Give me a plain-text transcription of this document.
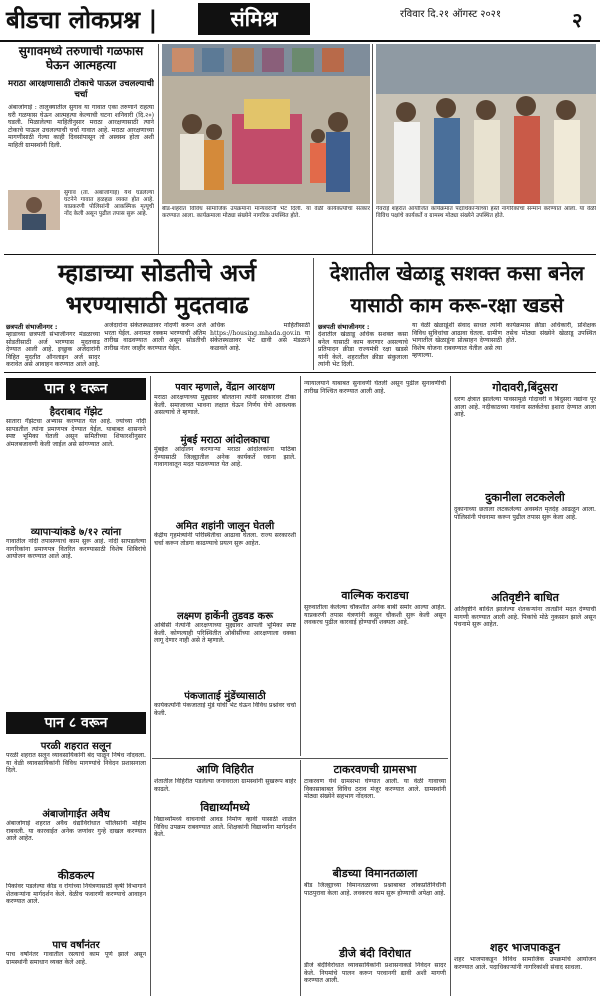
बीडचा लोकप्रश्न |	संमिश्र	रविवार दि.२१ ऑगस्ट २०२१	२
सुगावमध्ये तरुणाची गळफास घेऊन आत्महत्या
मराठा आरक्षणासाठी टोकाचे पाऊल उचलल्याची चर्चा
अंबाजोगाई : तालुक्यातील सुगाव या गावात एका तरुणाने राहत्या घरी गळफास घेऊन आत्महत्या केल्याची घटना शनिवारी (दि.२०) घडली. मिळालेल्या माहितीनुसार मराठा आरक्षणासाठी त्याने टोकाचे पाऊल उचलल्याची चर्चा गावात आहे. मराठा आरक्षणाच्या मागणीसाठी गेल्या काही दिवसांपासून तो अस्वस्थ होता अशी माहिती ग्रामस्थांनी दिली.
सुगाव (ता. अंबाजोगाई) येथे घडलेल्या घटनेने गावात हळहळ व्यक्त होत आहे. याप्रकरणी पोलिसांनी आकस्मिक मृत्यूची नोंद केली असून पुढील तपास सुरू आहे.
बीड-शहरात विविध सामाजिक उपक्रमांना मान्यवरांनी भेट दिली. या वेळी कार्यकर्त्यांचा सत्कार करण्यात आला. कार्यक्रमाला मोठ्या संख्येने नागरिक उपस्थित होते.
गेवराई शहरात आयोजित कार्यक्रमात पदाधिकाऱ्यांच्या हस्ते नागरिकांचा सन्मान करण्यात आला. या वेळी विविध पक्षांचे कार्यकर्ते व ग्रामस्थ मोठ्या संख्येने उपस्थित होते.
म्हाडाच्या सोडतीचे अर्ज
भरण्यासाठी मुदतवाढ
छत्रपती संभाजीनगर :
म्हाडाच्या छत्रपती संभाजीनगर मंडळाच्या सोडतीसाठी अर्ज भरण्यास मुदतवाढ देण्यात आली आहे. इच्छुक अर्जदारांनी विहित मुदतीत ऑनलाइन अर्ज सादर करावेत असे आवाहन करण्यात आले आहे.
अर्जदारांना संकेतस्थळावर नोंदणी करून अर्ज भरता येईल. अनामत रक्कम भरण्याची अंतिम तारीख वाढवण्यात आली असून सोडतीची तारीख नंतर जाहीर करण्यात येईल.
अधिक माहितीसाठी https://housing.mhada.gov.in या संकेतस्थळावर भेट द्यावी असे मंडळाने कळवले आहे.
देशातील खेळाडू सशक्त कसा बनेल
यासाठी काम करू-रक्षा खडसे
छत्रपती संभाजीनगर :
देशातील खेळाडू अधिक सशक्त कसा बनेल यासाठी काम करणार असल्याचे प्रतिपादन क्रीडा राज्यमंत्री रक्षा खडसे यांनी केले. शहरातील क्रीडा संकुलाला त्यांनी भेट दिली.
या वेळी खेळाडूंशी संवाद साधत त्यांनी विविध सुविधांचा आढावा घेतला. ग्रामीण भागातील खेळाडूंना प्रोत्साहन देण्यासाठी विशेष योजना राबवण्यात येतील असे त्या म्हणाल्या.
कार्यक्रमास क्रीडा अधिकारी, प्रशिक्षक तसेच मोठ्या संख्येने खेळाडू उपस्थित होते.
पान १ वरून
हैदराबाद गॅझेट
सातारा गॅझेटचा अभ्यास करण्यात येत आहे. ज्यांच्या नोंदी सापडतील त्यांना प्रमाणपत्र देण्यात येईल. याबाबत शासनाने स्पष्ट भूमिका घेतली असून समितीच्या शिफारशीनुसार अंमलबजावणी केली जाईल असे सांगण्यात आले.
व्यापाऱ्यांकडे ७/१२ त्यांना
गावातील नोंदी तपासण्याचे काम सुरू आहे. नोंदी सापडलेल्या नागरिकांना प्रमाणपत्र वितरित करण्यासाठी विशेष शिबिरांचे आयोजन करण्यात आले आहे.
पान ८ वरून
परळी शहरात सलून
परळी शहरात सलून व्यावसायिकांनी बंद पाळून निषेध नोंदवला. या वेळी व्यावसायिकांनी विविध मागण्यांचे निवेदन प्रशासनाला दिले.
अंबाजोगाईत अवैध
अंबाजोगाई शहरात अवैध धंद्यांविरोधात पोलिसांनी मोहीम राबवली. या कारवाईत अनेक जणांवर गुन्हे दाखल करण्यात आले आहेत.
कीडकल्प
पिकांवर पडलेल्या कीड व रोगांच्या नियंत्रणासाठी कृषी विभागाने शेतकऱ्यांना मार्गदर्शन केले. वेळीच फवारणी करण्याचे आवाहन करण्यात आले.
पाच वर्षांनंतर
पाच वर्षांनंतर गावातील रस्त्याचे काम पूर्ण झाले असून ग्रामस्थांनी समाधान व्यक्त केले आहे.
पवार म्हणाले, वेंद्रान आरक्षण
मराठा आरक्षणाच्या मुद्द्यावर बोलताना त्यांनी सरकारवर टीका केली. समाजाच्या भावना लक्षात घेऊन निर्णय घेणे आवश्यक असल्याचे ते म्हणाले.
मुंबई मराठा आंदोलकाचा
मुंबईत आंदोलन करणाऱ्या मराठा आंदोलकांना पाठिंबा देण्यासाठी जिल्ह्यातील अनेक कार्यकर्ते रवाना झाले. गावागावातून मदत पाठवण्यात येत आहे.
अमित शहांनी जालून घेतली
केंद्रीय गृहमंत्र्यांनी परिस्थितीचा आढावा घेतला. राज्य सरकारशी चर्चा करून तोडगा काढण्याचे प्रयत्न सुरू आहेत.
लक्ष्मण हाकेंनी तुडवड करू
ओबीसी नेत्यांनी आरक्षणाच्या मुद्द्यावर आपली भूमिका स्पष्ट केली. कोणत्याही परिस्थितीत ओबीसींच्या आरक्षणाला धक्का लागू देणार नाही असे ते म्हणाले.
पंकजाताई मुंडेंच्यासाठी
कार्यकर्त्यांनी पंकजाताई मुंडे यांची भेट घेऊन विविध प्रश्नांवर चर्चा केली.
न्यायालयाने याबाबत सुनावणी घेतली असून पुढील सुनावणीची तारीख निश्चित करण्यात आली आहे.
वाल्मिक कराडचा
सुरुवातीला केलेल्या चौकशीत अनेक बाबी समोर आल्या आहेत. याप्रकरणी तपास यंत्रणांनी कसून चौकशी सुरू केली असून लवकरच पुढील कारवाई होण्याची शक्यता आहे.
आणि विहिरीत
शेतातील विहिरीत पडलेल्या जनावराला ग्रामस्थांनी सुखरूप बाहेर काढले.
विद्यार्थ्यांमध्ये
विद्यार्थ्यांमध्ये वाचनाची आवड निर्माण व्हावी यासाठी शाळेत विविध उपक्रम राबवण्यात आले. शिक्षकांनी विद्यार्थ्यांना मार्गदर्शन केले.
टाकरवणची ग्रामसभा
टाकरवण येथे ग्रामसभा घेण्यात आली. या वेळी गावाच्या विकासाबाबत विविध ठराव मंजूर करण्यात आले. ग्रामस्थांनी मोठ्या संख्येने सहभाग नोंदवला.
बीडच्या विमानतळाला
बीड जिल्ह्याच्या विमानतळाच्या प्रश्नाबाबत लोकप्रतिनिधींनी पाठपुरावा केला आहे. लवकरच काम सुरू होण्याची अपेक्षा आहे.
डीजे बंदी विरोधात
डीजे बंदीविरोधात व्यावसायिकांनी प्रशासनाकडे निवेदन सादर केले. नियमांचे पालन करून परवानगी द्यावी अशी मागणी करण्यात आली.
गोदावरी,बिंदुसरा
धरण क्षेत्रात झालेल्या पावसामुळे गोदावरी व बिंदुसरा नद्यांना पूर आला आहे. नदीकाठच्या गावांना सतर्कतेचा इशारा देण्यात आला आहे.
दुकानीला लटकलेली
दुकानाच्या छताला लटकलेल्या अवस्थेत मृतदेह आढळून आला. पोलिसांनी पंचनामा करून पुढील तपास सुरू केला आहे.
अतिवृष्टीने बाधित
अतिवृष्टीने बाधित झालेल्या शेतकऱ्यांना तातडीने मदत देण्याची मागणी करण्यात आली आहे. पिकांचे मोठे नुकसान झाले असून पंचनामे सुरू आहेत.
शहर भाजपाकडून
शहर भाजपाकडून विविध सामाजिक उपक्रमांचे आयोजन करण्यात आले. पदाधिकाऱ्यांनी नागरिकांशी संवाद साधला.
